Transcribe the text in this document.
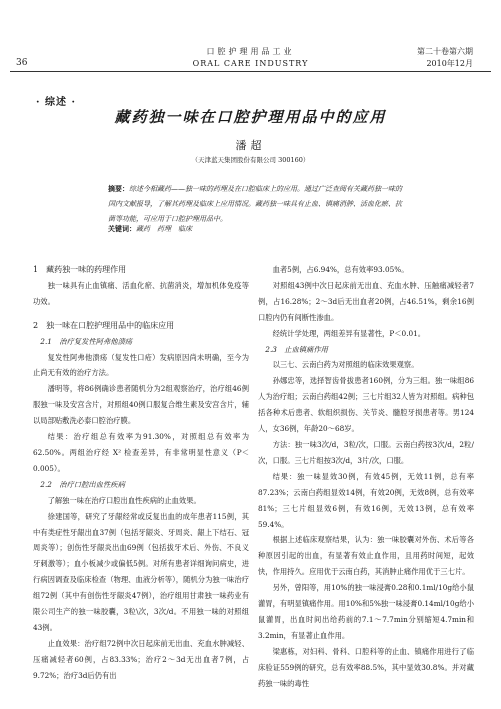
36
口腔护理用品工业
ORAL CARE INDUSTRY
第二十卷第六期
2010年12月
· 综述 ·
藏药独一味在口腔护理用品中的应用
潘超
（天津蓝天集团股份有限公司 300160）
摘要：综述今相藏药——独一味的药理及在口腔临床上的应用。通过广泛查阅有关藏药独一味的国内文献报导，了解其药理及临床上应用情况。藏药独一味具有止血、镇痛消肿、活血化瘀、抗菌等功能，可应用于口腔护理用品中。
关键词：藏药　药理　临床
1　藏药独一味的药理作用

独一味具有止血镇痛、活血化瘀、抗菌消炎，增加机体免疫等功效。

2　独一味在口腔护理用品中的临床应用
2.1　治疗复发性阿弗他溃疡

复发性阿弗他溃疡（复发性口疮）发病原因尚未明确，至今为止尚无有效的治疗方法。

潘明等，将86例确诊患者随机分为2组观察治疗，治疗组46例服独一味及安宫含片，对照组40例口服复合维生素及安宫含片，辅以局部贴敷洗必泰口腔治疗膜。

结果：治疗组总有效率为91.30%，对照组总有效率为62.50%。两组治疗经 X² 检查差异，有非常明显性意义（P＜0.005）。

2.2　治疗口腔出血性疾病

了解独一味在治疗口腔出血性疾病的止血效果。

徐建国等，研究了牙龈经常或反复出血的成年患者115例，其中有类症性牙龈出血37例（包括牙龈炎、牙周炎、龈上下结石、冠周炎等）；创伤性牙龈炎出血69例（包括拔牙术后、外伤、不良义牙刺激等）；血小板减少或偏低5例。对所有患者详细询问病史，进行病因调查及临床检查（物理、血液分析等），随机分为独一味治疗组72例（其中有创伤性牙龈炎47例），治疗组用甘肃独一味药业有限公司生产的独一味胶囊，3粒\次，3次/d。不用独一味的对照组43例。

止血效果：治疗组72例中次日起床前无出血、充血水肿减轻、压痛减轻者60例，占83.33%；治疗2～3d无出血者7例，占9.72%；治疗3d后仍有出

血者5例，占6.94%，总有效率93.05%。

对照组43例中次日起床前无出血、充血水肿、压触痛减轻者7例，占16.28%；2～3d后无出血者20例，占46.51%，剩余16例口腔内仍有间断性渗血。

经统计学处理，两组差异有显著性，P＜0.01。

2.3　止血镇痛作用

以三七、云南白药为对照组的临床效果观察。

孙娜忠等，选择智齿骨拔患者160例，分为三组。独一味组86人为治疗组；云南白药组42例；三七片组32人皆为对照组。病种包括各种术后患者、软组织损伤、关节炎、髓腔牙损患者等。男124人，女36例，年龄20～68岁。

方法：独一味3次/d，3粒/次，口服。云南白药按3次/d，2粒/次，口服。三七片组按3次/d，3片/次，口服。

结果：独一味显效30例，有效45例，无效11例，总有率87.23%；云南白药组显效14例，有效20例，无效8例，总有效率81%；三七片组显效6例，有效16例，无效13例，总有效率59.4%。

根据上述临床观察结果，认为：独一味胶囊对外伤、术后等各种原因引起的出血，有显著有效止血作用，且用药时间短，起效快，作用持久。应用优于云南白药，其消肿止痛作用优于三七片。

另外，曾阳等，用10%的独一味浸膏0.28和0.1ml/10g给小鼠灌胃，有明显镇痛作用。用10%和5%独一味浸膏0.14ml/10g给小鼠灌胃，出血时间出给药前的7.1～7.7min分别缩短4.7min和3.2min，有显著止血作用。

梁惠栋，对妇科、骨科、口腔科等的止血、镇痛作用进行了临床验证559例的研究，总有效率88.5%，其中显效30.8%。并对藏药独一味的毒性
